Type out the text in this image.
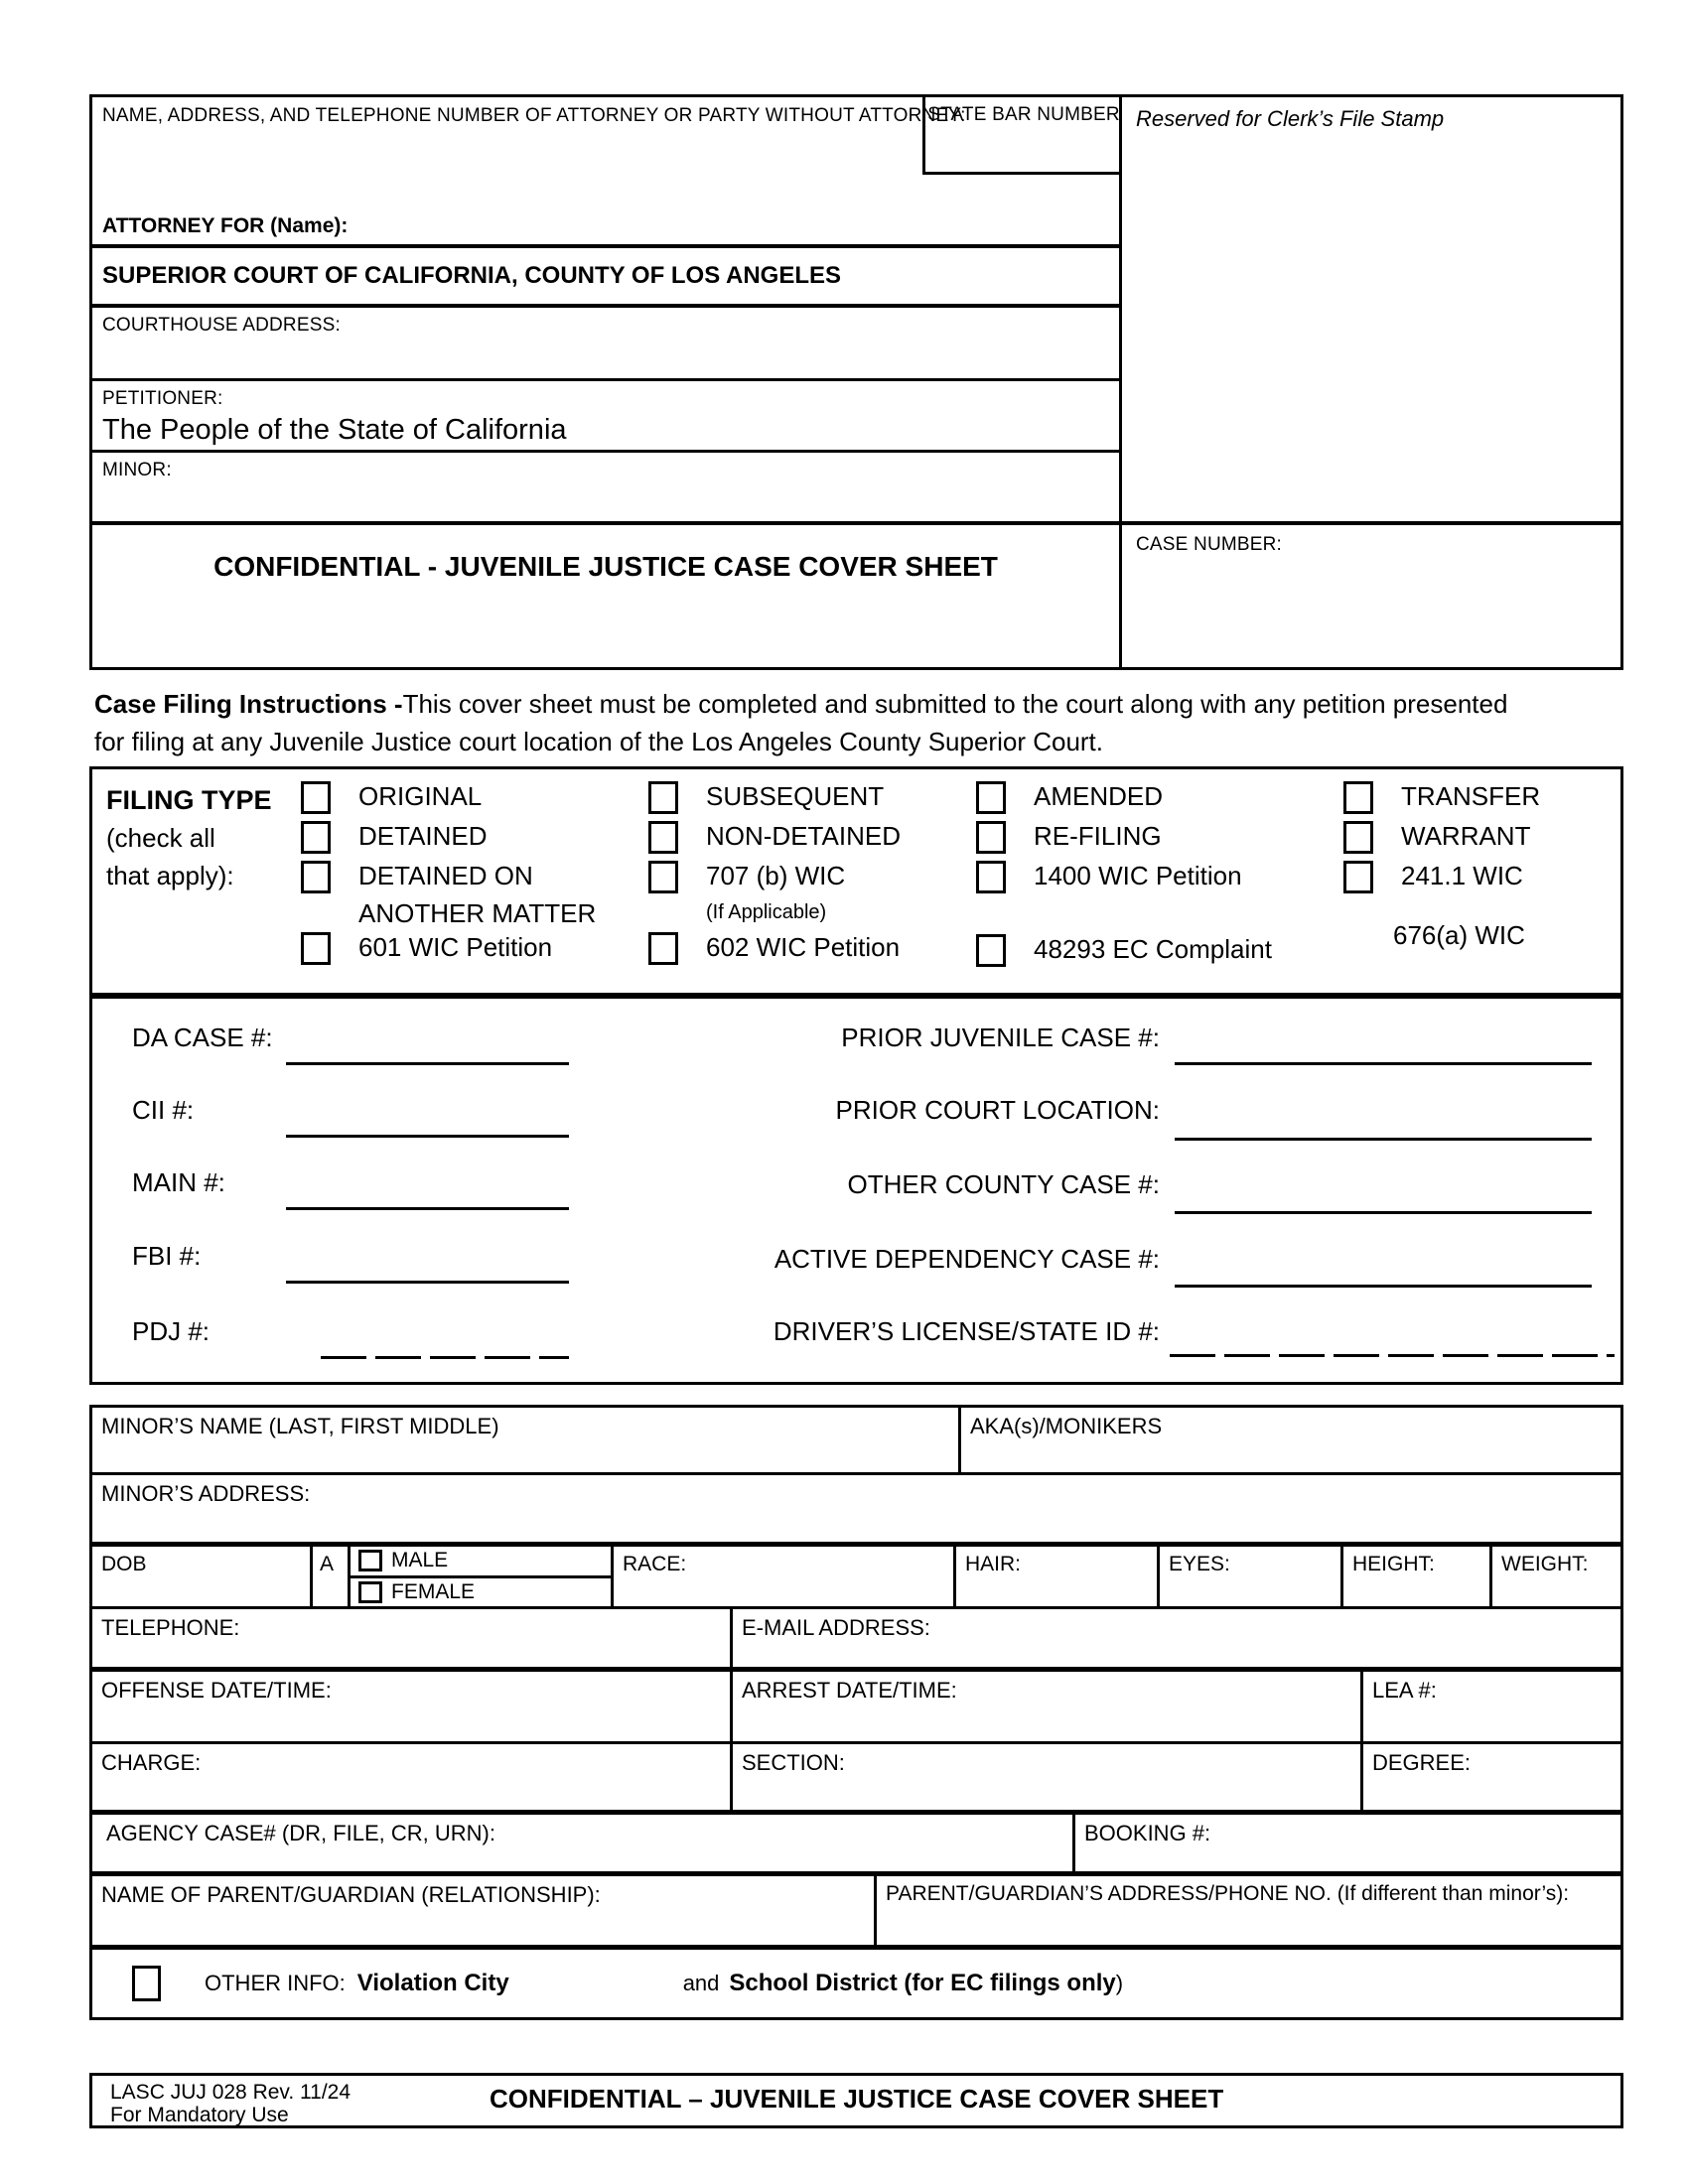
NAME, ADDRESS, AND TELEPHONE NUMBER OF ATTORNEY OR PARTY WITHOUT ATTORNEY:
ATTORNEY FOR (Name):
SUPERIOR COURT OF CALIFORNIA, COUNTY OF LOS ANGELES
COURTHOUSE ADDRESS:
PETITIONER:
The People of the State of California
MINOR:
CONFIDENTIAL - JUVENILE JUSTICE CASE COVER SHEET
Reserved for Clerk’s File Stamp
CASE NUMBER:
STATE BAR NUMBER
Case Filing Instructions -This cover sheet must be completed and submitted to the court along with any petition presented for filing at any Juvenile Justice court location of the Los Angeles County Superior Court.
FILING TYPE
(check all
that apply):
ORIGINAL
DETAINED
DETAINED ON
ANOTHER MATTER
601 WIC Petition
SUBSEQUENT
NON-DETAINED
707 (b) WIC
(If Applicable)
602 WIC Petition
AMENDED
RE-FILING
1400 WIC Petition
48293 EC Complaint
TRANSFER
WARRANT
241.1 WIC
676(a) WIC
DA CASE #:
CII #:
MAIN #:
FBI #:
PDJ #:
PRIOR JUVENILE CASE #:
PRIOR COURT LOCATION:
OTHER COUNTY CASE #:
ACTIVE DEPENDENCY CASE #:
DRIVER’S LICENSE/STATE ID #:
MINOR’S NAME (LAST, FIRST MIDDLE)	AKA(s)/MONIKERS
MINOR’S ADDRESS:
DOB	A	MALE
FEMALE
RACE:	HAIR:	EYES:	HEIGHT:	WEIGHT:
TELEPHONE:	E-MAIL ADDRESS:
OFFENSE DATE/TIME:	ARREST DATE/TIME:	LEA #:
CHARGE:	SECTION:	DEGREE:
AGENCY CASE# (DR, FILE, CR, URN):	BOOKING #:
NAME OF PARENT/GUARDIAN (RELATIONSHIP):	PARENT/GUARDIAN’S ADDRESS/PHONE NO. (If different than minor’s):
OTHER INFO: Violation City	and School District (for EC filings only )
LASC JUJ 028 Rev. 11/24
For Mandatory Use
CONFIDENTIAL – JUVENILE JUSTICE CASE COVER SHEET
